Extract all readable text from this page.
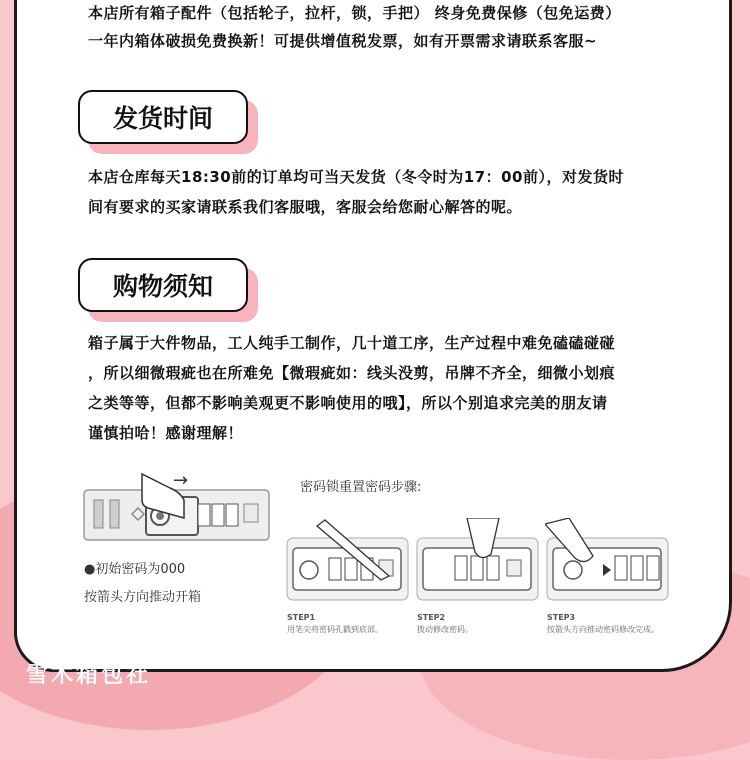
本店所有箱子配件（包括轮子，拉杆，锁，手把） 终身免费保修（包免运费）
一年内箱体破损免费换新！可提供增值税发票，如有开票需求请联系客服~
发货时间
本店仓库每天18:30前的订单均可当天发货（冬令时为17：00前），对发货时
间有要求的买家请联系我们客服哦，客服会给您耐心解答的呢。
购物须知
箱子属于大件物品，工人纯手工制作，几十道工序，生产过程中难免磕磕碰碰
，所以细微瑕疵也在所难免【微瑕疵如：线头没剪，吊牌不齐全，细微小划痕
之类等等，但都不影响美观更不影响使用的哦】，所以个别追求完美的朋友请
谨慎拍哈！感谢理解！
→
●初始密码为000
按箭头方向推动开箱
密码锁重置密码步骤:
STEP1
用笔尖将密码孔戳到底部。
STEP2
拨动修改密码。
STEP3
按箭头方向推动密码修改完成。
雪木箱包社
